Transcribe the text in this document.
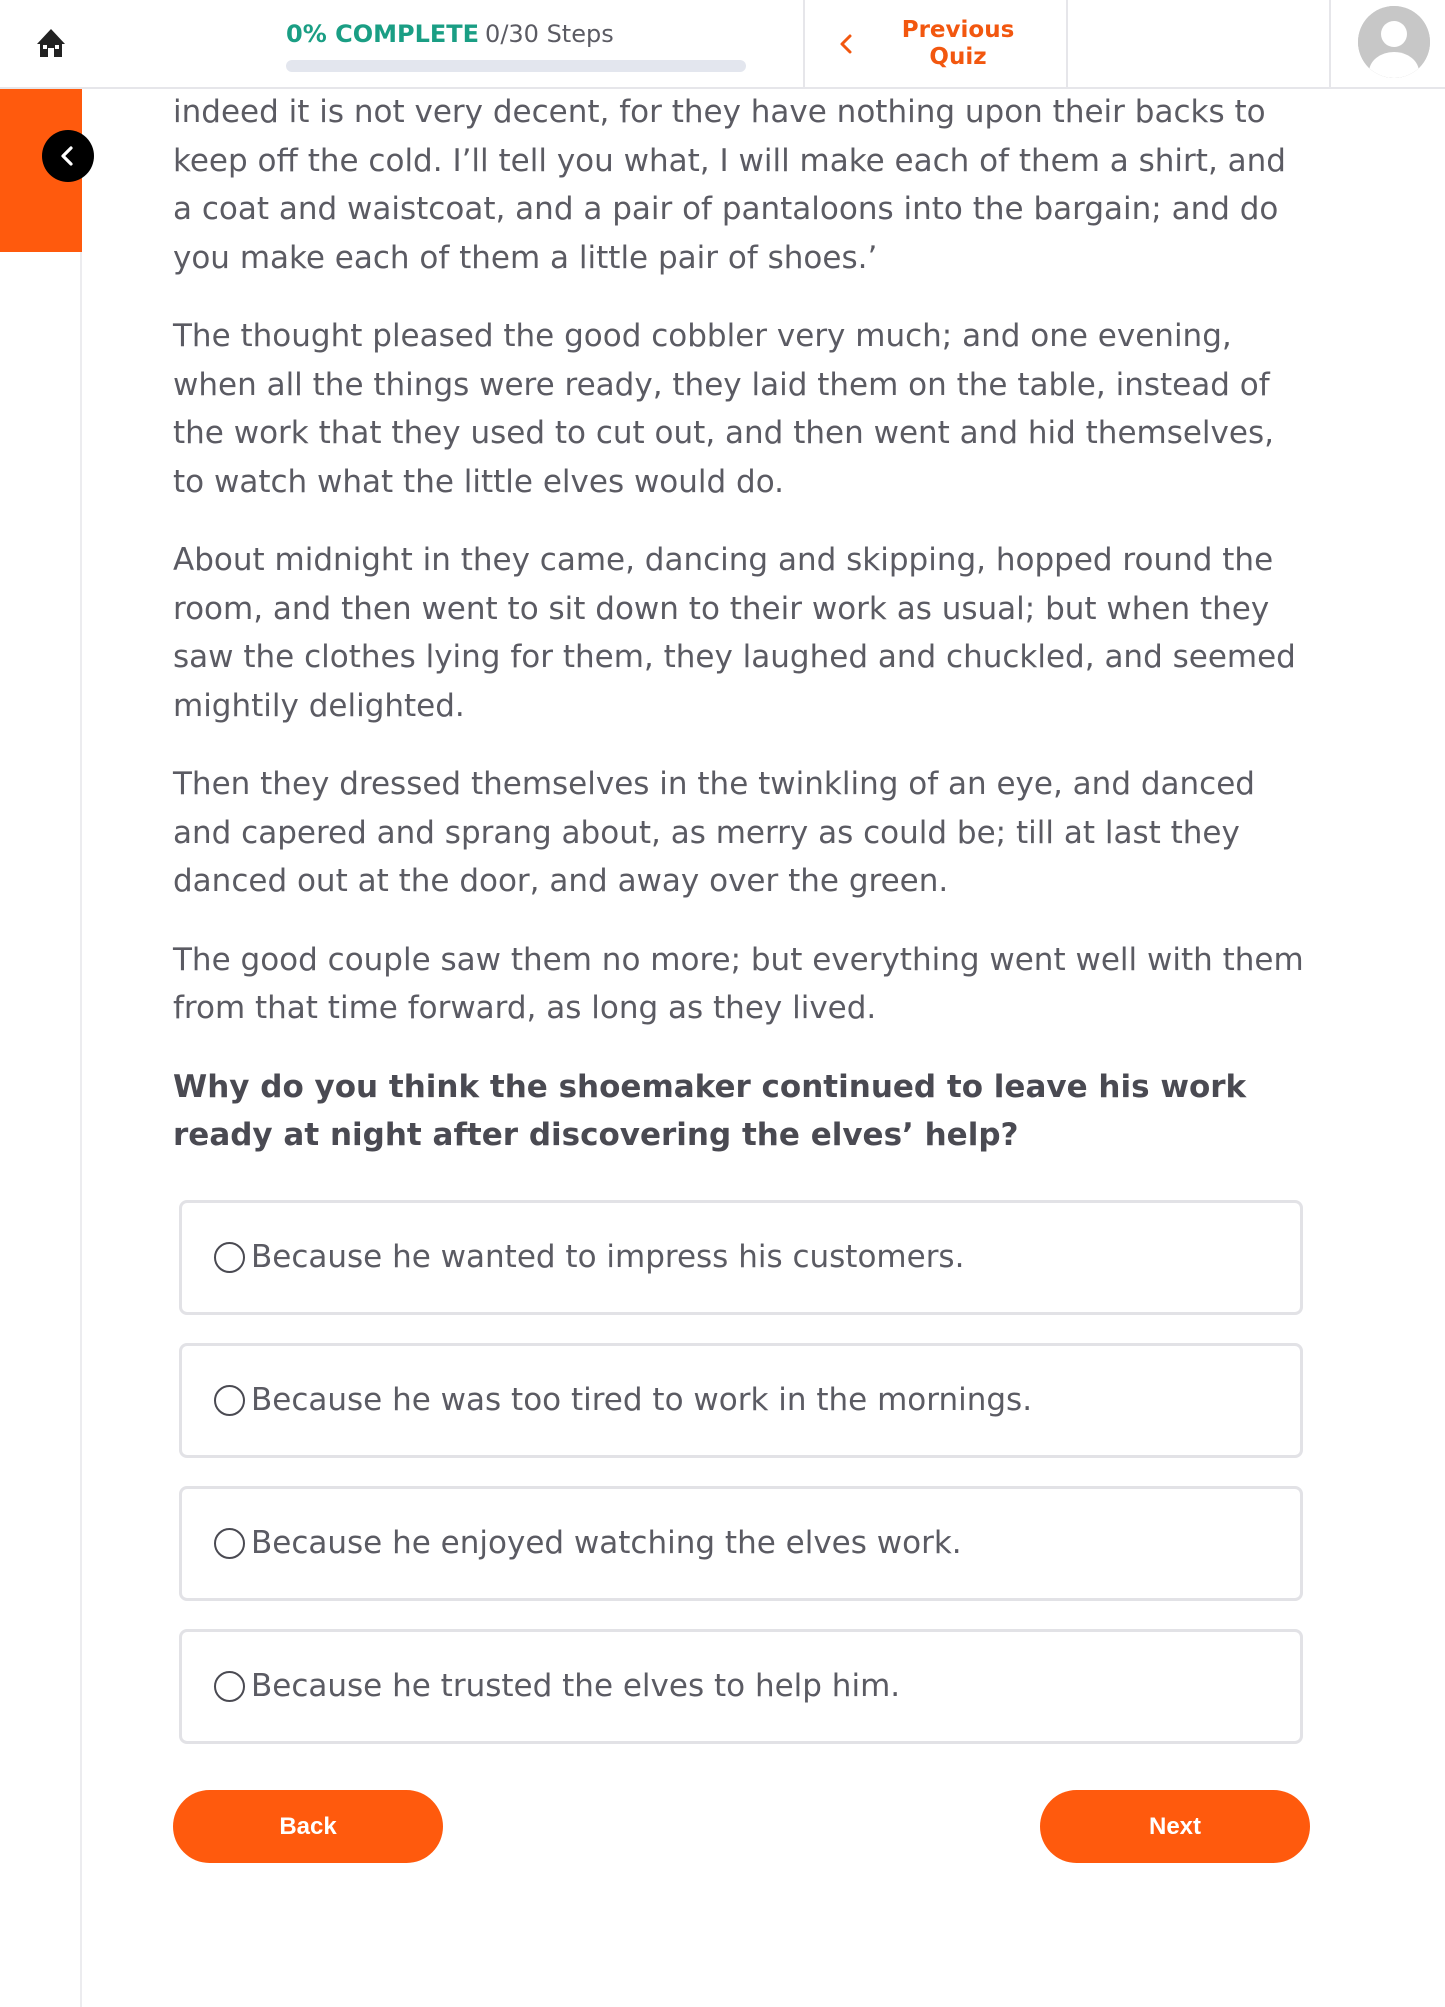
0% COMPLETE 0/30 Steps	Previous Quiz

indeed it is not very decent, for they have nothing upon their backs to keep off the cold. I’ll tell you what, I will make each of them a shirt, and a coat and waistcoat, and a pair of pantaloons into the bargain; and do you make each of them a little pair of shoes.’

The thought pleased the good cobbler very much; and one evening, when all the things were ready, they laid them on the table, instead of the work that they used to cut out, and then went and hid themselves, to watch what the little elves would do.

About midnight in they came, dancing and skipping, hopped round the room, and then went to sit down to their work as usual; but when they saw the clothes lying for them, they laughed and chuckled, and seemed mightily delighted.

Then they dressed themselves in the twinkling of an eye, and danced and capered and sprang about, as merry as could be; till at last they danced out at the door, and away over the green.

The good couple saw them no more; but everything went well with them from that time forward, as long as they lived.

Why do you think the shoemaker continued to leave his work ready at night after discovering the elves’ help?
Because he wanted to impress his customers.
Because he was too tired to work in the mornings.
Because he enjoyed watching the elves work.
Because he trusted the elves to help him.
Back	Next
